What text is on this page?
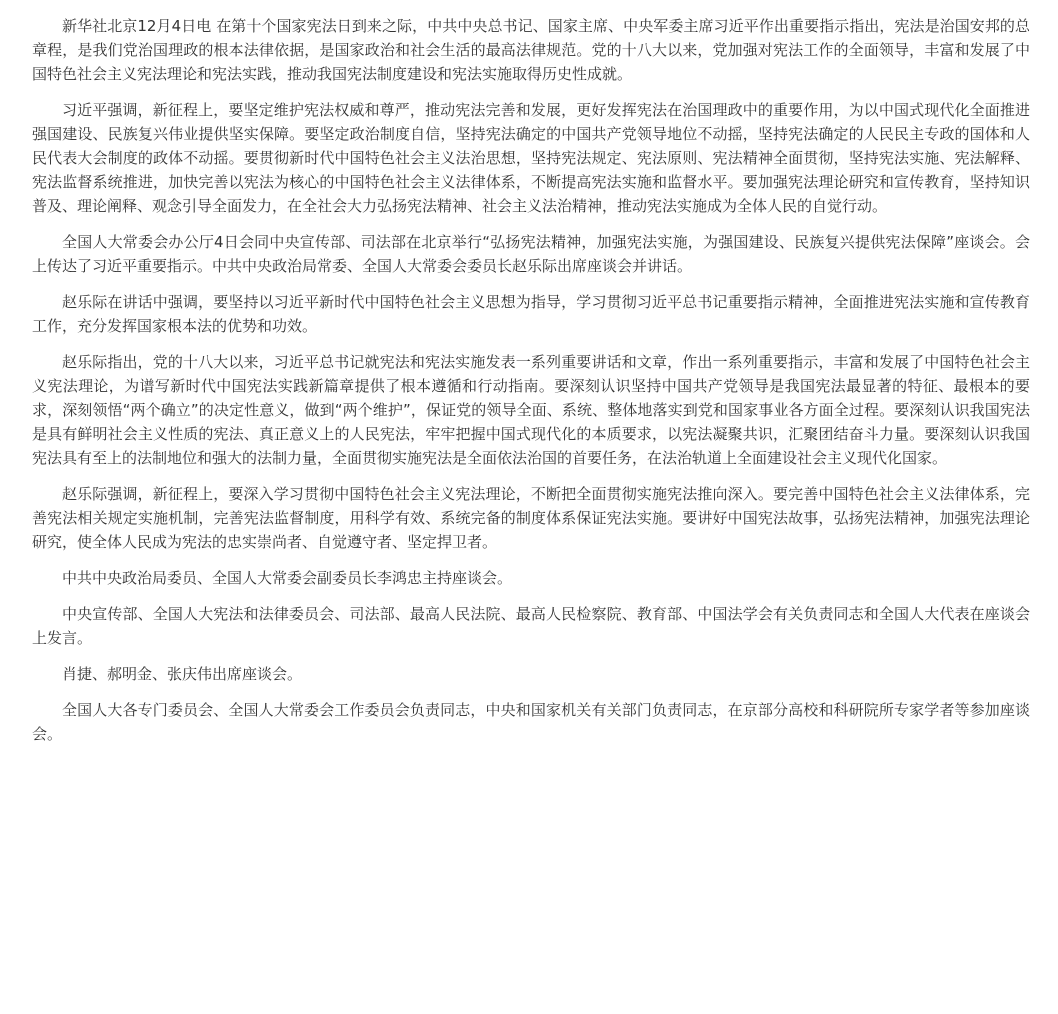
新华社北京12月4日电 在第十个国家宪法日到来之际，中共中央总书记、国家主席、中央军委主席习近平作出重要指示指出，宪法是治国安邦的总章程，是我们党治国理政的根本法律依据，是国家政治和社会生活的最高法律规范。党的十八大以来，党加强对宪法工作的全面领导，丰富和发展了中国特色社会主义宪法理论和宪法实践，推动我国宪法制度建设和宪法实施取得历史性成就。

习近平强调，新征程上，要坚定维护宪法权威和尊严，推动宪法完善和发展，更好发挥宪法在治国理政中的重要作用，为以中国式现代化全面推进强国建设、民族复兴伟业提供坚实保障。要坚定政治制度自信，坚持宪法确定的中国共产党领导地位不动摇，坚持宪法确定的人民民主专政的国体和人民代表大会制度的政体不动摇。要贯彻新时代中国特色社会主义法治思想，坚持宪法规定、宪法原则、宪法精神全面贯彻，坚持宪法实施、宪法解释、宪法监督系统推进，加快完善以宪法为核心的中国特色社会主义法律体系，不断提高宪法实施和监督水平。要加强宪法理论研究和宣传教育，坚持知识普及、理论阐释、观念引导全面发力，在全社会大力弘扬宪法精神、社会主义法治精神，推动宪法实施成为全体人民的自觉行动。

全国人大常委会办公厅4日会同中央宣传部、司法部在北京举行“弘扬宪法精神，加强宪法实施，为强国建设、民族复兴提供宪法保障”座谈会。会上传达了习近平重要指示。中共中央政治局常委、全国人大常委会委员长赵乐际出席座谈会并讲话。

赵乐际在讲话中强调，要坚持以习近平新时代中国特色社会主义思想为指导，学习贯彻习近平总书记重要指示精神，全面推进宪法实施和宣传教育工作，充分发挥国家根本法的优势和功效。

赵乐际指出，党的十八大以来，习近平总书记就宪法和宪法实施发表一系列重要讲话和文章，作出一系列重要指示，丰富和发展了中国特色社会主义宪法理论，为谱写新时代中国宪法实践新篇章提供了根本遵循和行动指南。要深刻认识坚持中国共产党领导是我国宪法最显著的特征、最根本的要求，深刻领悟“两个确立”的决定性意义，做到“两个维护”，保证党的领导全面、系统、整体地落实到党和国家事业各方面全过程。要深刻认识我国宪法是具有鲜明社会主义性质的宪法、真正意义上的人民宪法，牢牢把握中国式现代化的本质要求，以宪法凝聚共识，汇聚团结奋斗力量。要深刻认识我国宪法具有至上的法制地位和强大的法制力量，全面贯彻实施宪法是全面依法治国的首要任务，在法治轨道上全面建设社会主义现代化国家。

赵乐际强调，新征程上，要深入学习贯彻中国特色社会主义宪法理论，不断把全面贯彻实施宪法推向深入。要完善中国特色社会主义法律体系，完善宪法相关规定实施机制，完善宪法监督制度，用科学有效、系统完备的制度体系保证宪法实施。要讲好中国宪法故事，弘扬宪法精神，加强宪法理论研究，使全体人民成为宪法的忠实崇尚者、自觉遵守者、坚定捍卫者。

中共中央政治局委员、全国人大常委会副委员长李鸿忠主持座谈会。

中央宣传部、全国人大宪法和法律委员会、司法部、最高人民法院、最高人民检察院、教育部、中国法学会有关负责同志和全国人大代表在座谈会上发言。

肖捷、郝明金、张庆伟出席座谈会。

全国人大各专门委员会、全国人大常委会工作委员会负责同志，中央和国家机关有关部门负责同志，在京部分高校和科研院所专家学者等参加座谈会。
